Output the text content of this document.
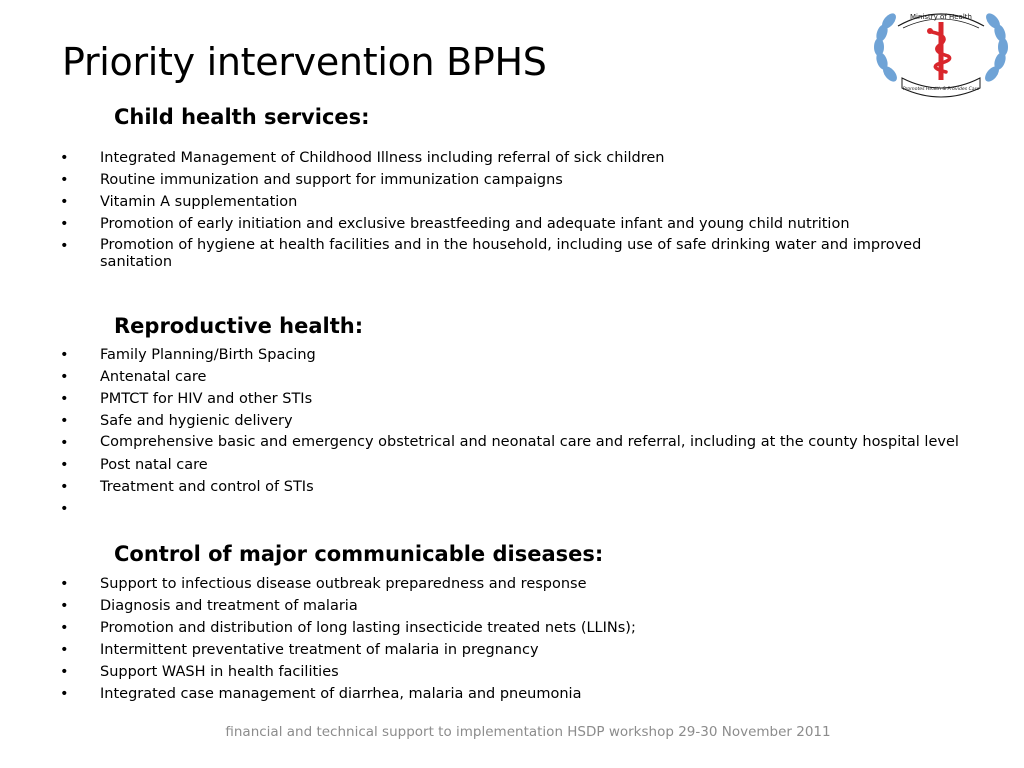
Priority intervention BPHS
Ministry of Health
Promotes Health & Provides Care
Child health services:
• Integrated Management of Childhood Illness including referral of sick children
• Routine immunization and support for immunization campaigns
• Vitamin A supplementation
• Promotion of early initiation and exclusive breastfeeding and adequate infant and young child nutrition
• Promotion of hygiene at health facilities and in the household, including use of safe drinking water and improved sanitation
Reproductive health:
• Family Planning/Birth Spacing
• Antenatal care
• PMTCT for HIV and other STIs
• Safe and hygienic delivery
• Comprehensive basic and emergency obstetrical and neonatal care and referral, including at the county hospital level
• Post natal care
• Treatment and control of STIs
•
Control of major communicable diseases:
• Support to infectious disease outbreak preparedness and response
• Diagnosis and treatment of malaria
• Promotion and distribution of long lasting insecticide treated nets (LLINs);
• Intermittent preventative treatment of malaria in pregnancy
• Support WASH in health facilities
• Integrated case management of diarrhea, malaria and pneumonia
financial and technical support to implementation HSDP workshop 29-30 November 2011
